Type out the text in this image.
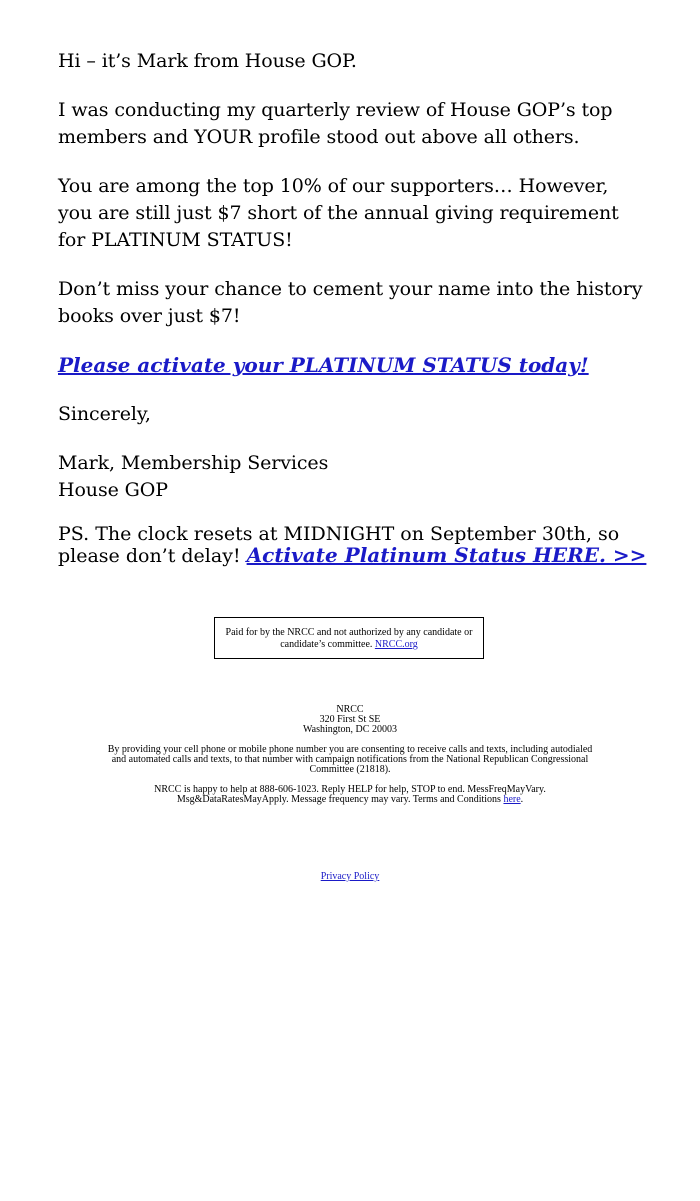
Hi – it’s Mark from House GOP.

I was conducting my quarterly review of House GOP’s top members and YOUR profile stood out above all others.

You are among the top 10% of our supporters… However, you are still just $7 short of the annual giving requirement for PLATINUM STATUS!

Don’t miss your chance to cement your name into the history books over just $7!

Please activate your PLATINUM STATUS today!

Sincerely,

Mark, Membership Services
House GOP

PS. The clock resets at MIDNIGHT on September 30th, so please don’t delay! Activate Platinum Status HERE. >>

Paid for by the NRCC and not authorized by any candidate or candidate’s committee. NRCC.org
NRCC
320 First St SE
Washington, DC 20003
By providing your cell phone or mobile phone number you are consenting to receive calls and texts, including autodialed and automated calls and texts, to that number with campaign notifications from the National Republican Congressional Committee (21818).
NRCC is happy to help at 888-606-1023. Reply HELP for help, STOP to end. MessFreqMayVary.
Msg&DataRatesMayApply. Message frequency may vary. Terms and Conditions here.
Privacy Policy
